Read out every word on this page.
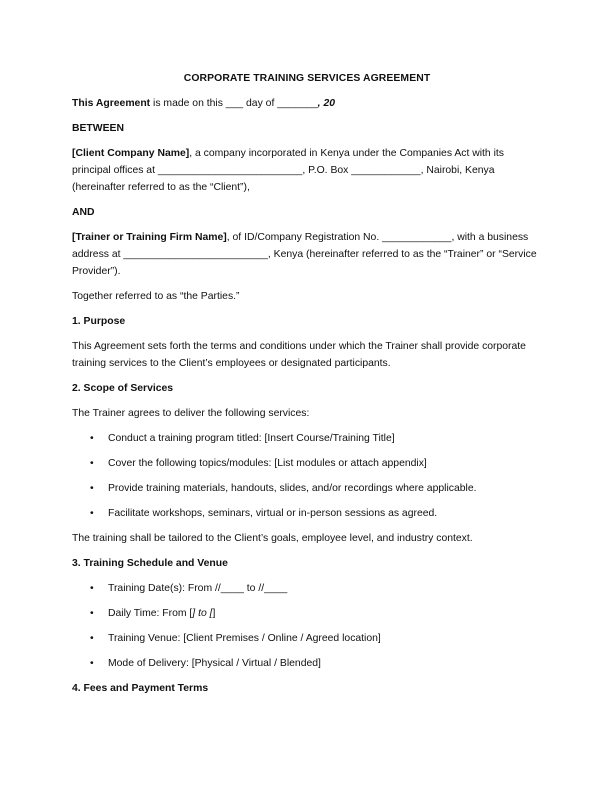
CORPORATE TRAINING SERVICES AGREEMENT

This Agreement is made on this ___ day of _______, 20

BETWEEN

[Client Company Name], a company incorporated in Kenya under the Companies Act with its principal offices at _________________________, P.O. Box ____________, Nairobi, Kenya (hereinafter referred to as the “Client”),

AND

[Trainer or Training Firm Name], of ID/Company Registration No. ____________, with a business address at _________________________, Kenya (hereinafter referred to as the “Trainer” or “Service Provider”).

Together referred to as “the Parties.”

1. Purpose

This Agreement sets forth the terms and conditions under which the Trainer shall provide corporate training services to the Client’s employees or designated participants.

2. Scope of Services

The Trainer agrees to deliver the following services:

• Conduct a training program titled: [Insert Course/Training Title]
• Cover the following topics/modules: [List modules or attach appendix]
• Provide training materials, handouts, slides, and/or recordings where applicable.
• Facilitate workshops, seminars, virtual or in-person sessions as agreed.

The training shall be tailored to the Client’s goals, employee level, and industry context.

3. Training Schedule and Venue

• Training Date(s): From //____ to //____
• Daily Time: From [] to []
• Training Venue: [Client Premises / Online / Agreed location]
• Mode of Delivery: [Physical / Virtual / Blended]

4. Fees and Payment Terms
